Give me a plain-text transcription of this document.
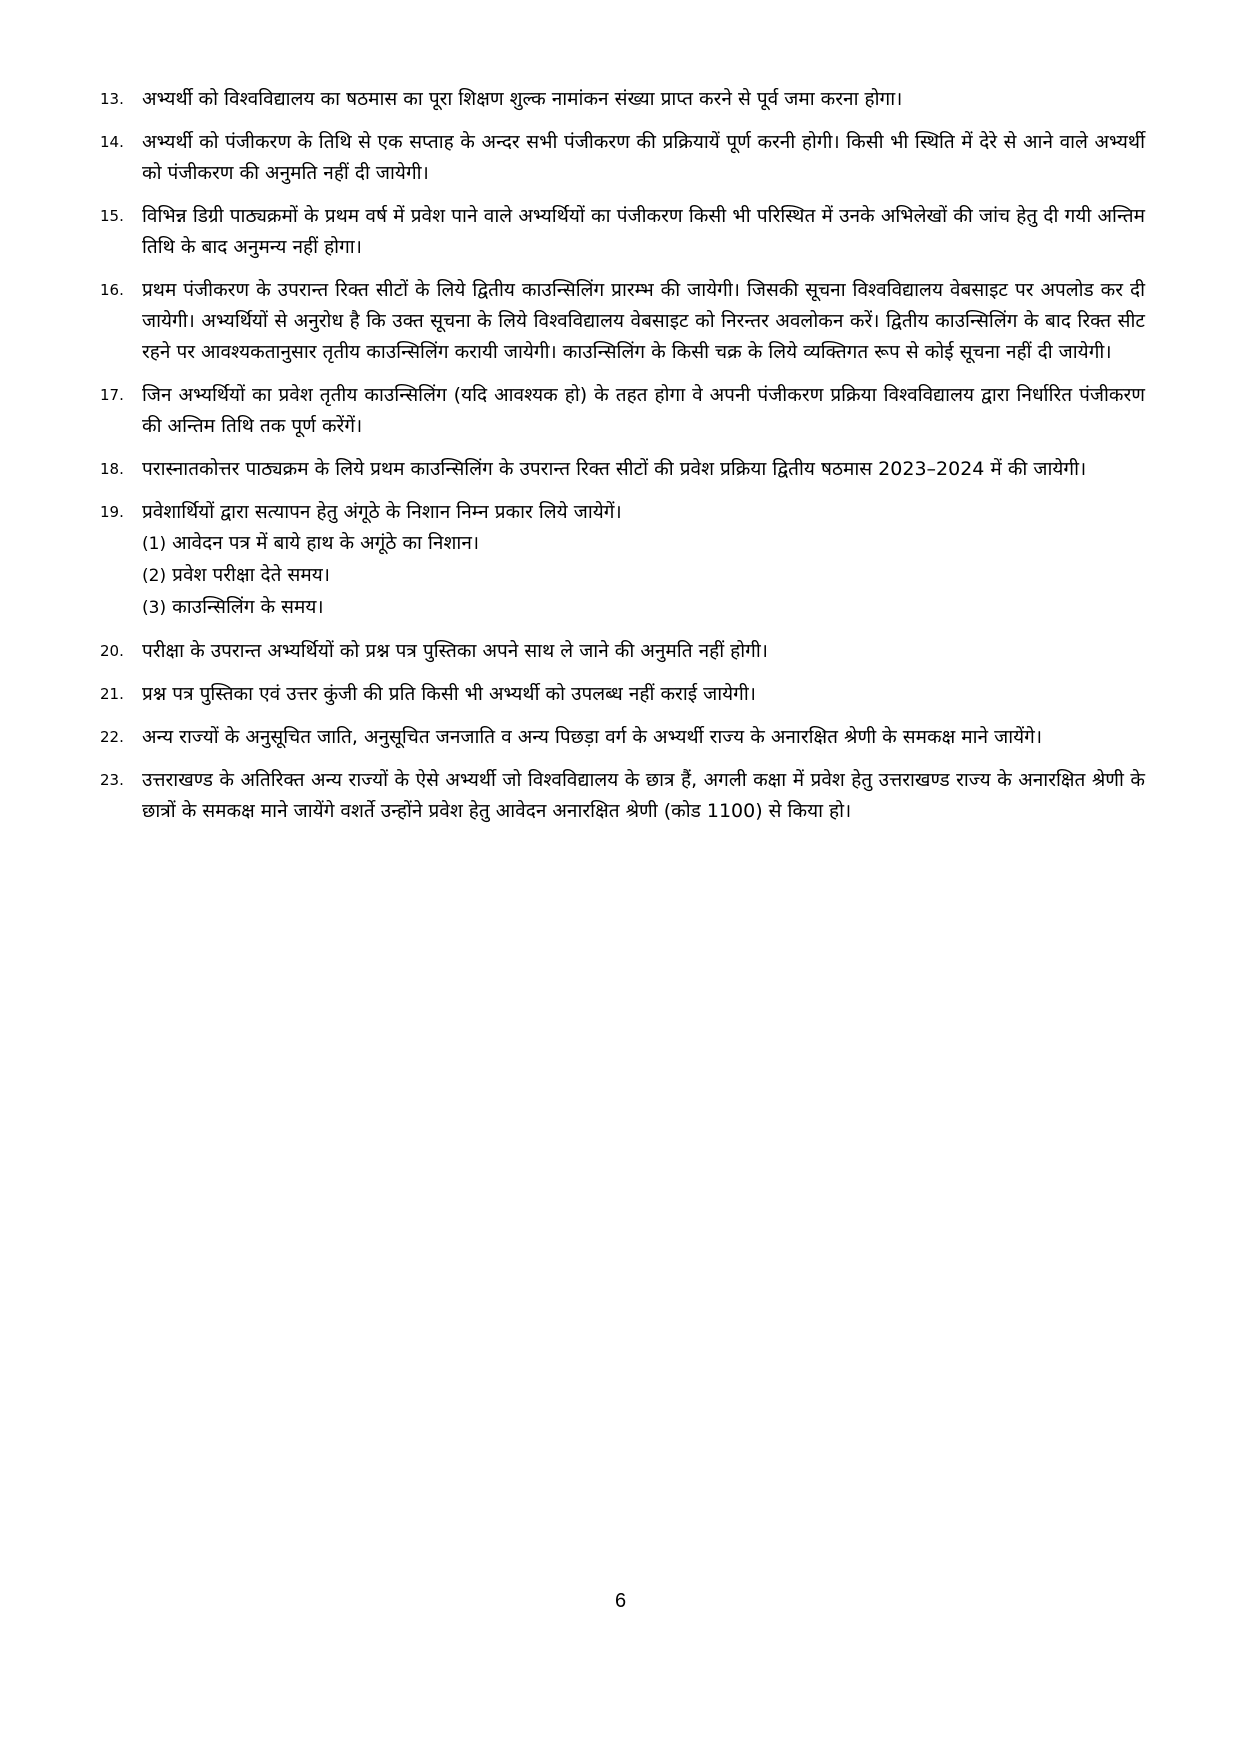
13. अभ्यर्थी को विश्वविद्यालय का षठमास का पूरा शिक्षण शुल्क नामांकन संख्या प्राप्त करने से पूर्व जमा करना होगा।
14. अभ्यर्थी को पंजीकरण के तिथि से एक सप्ताह के अन्दर सभी पंजीकरण की प्रक्रियायें पूर्ण करनी होगी। किसी भी स्थिति में देरे से आने वाले अभ्यर्थी को पंजीकरण की अनुमति नहीं दी जायेगी।
15. विभिन्न डिग्री पाठ्यक्रमों के प्रथम वर्ष में प्रवेश पाने वाले अभ्यर्थियों का पंजीकरण किसी भी परिस्थित में उनके अभिलेखों की जांच हेतु दी गयी अन्तिम तिथि के बाद अनुमन्य नहीं होगा।
16. प्रथम पंजीकरण के उपरान्त रिक्त सीटों के लिये द्वितीय काउन्सिलिंग प्रारम्भ की जायेगी। जिसकी सूचना विश्वविद्यालय वेबसाइट पर अपलोड कर दी जायेगी। अभ्यर्थियों से अनुरोध है कि उक्त सूचना के लिये विश्वविद्यालय वेबसाइट को निरन्तर अवलोकन करें। द्वितीय काउन्सिलिंग के बाद रिक्त सीट रहने पर आवश्यकतानुसार तृतीय काउन्सिलिंग करायी जायेगी। काउन्सिलिंग के किसी चक्र के लिये व्यक्तिगत रूप से कोई सूचना नहीं दी जायेगी।
17. जिन अभ्यर्थियों का प्रवेश तृतीय काउन्सिलिंग (यदि आवश्यक हो) के तहत होगा वे अपनी पंजीकरण प्रक्रिया विश्वविद्यालय द्वारा निर्धारित पंजीकरण की अन्तिम तिथि तक पूर्ण करेंगें।
18. परास्नातकोत्तर पाठ्यक्रम के लिये प्रथम काउन्सिलिंग के उपरान्त रिक्त सीटों की प्रवेश प्रक्रिया द्वितीय षठमास 2023–2024 में की जायेगी।
19. प्रवेशार्थियों द्वारा सत्यापन हेतु अंगूठे के निशान निम्न प्रकार लिये जायेगें।
(1) आवेदन पत्र में बाये हाथ के अगूंठे का निशान।
(2) प्रवेश परीक्षा देते समय।
(3) काउन्सिलिंग के समय।
20. परीक्षा के उपरान्त अभ्यर्थियों को प्रश्न पत्र पुस्तिका अपने साथ ले जाने की अनुमति नहीं होगी।
21. प्रश्न पत्र पुस्तिका एवं उत्तर कुंजी की प्रति किसी भी अभ्यर्थी को उपलब्ध नहीं कराई जायेगी।
22. अन्य राज्यों के अनुसूचित जाति, अनुसूचित जनजाति व अन्य पिछड़ा वर्ग के अभ्यर्थी राज्य के अनारक्षित श्रेणी के समकक्ष माने जायेंगे।
23. उत्तराखण्ड के अतिरिक्त अन्य राज्यों के ऐसे अभ्यर्थी जो विश्वविद्यालय के छात्र हैं, अगली कक्षा में प्रवेश हेतु उत्तराखण्ड राज्य के अनारक्षित श्रेणी के छात्रों के समकक्ष माने जायेंगे वशर्ते उन्होंने प्रवेश हेतु आवेदन अनारक्षित श्रेणी (कोड 1100) से किया हो।
6
